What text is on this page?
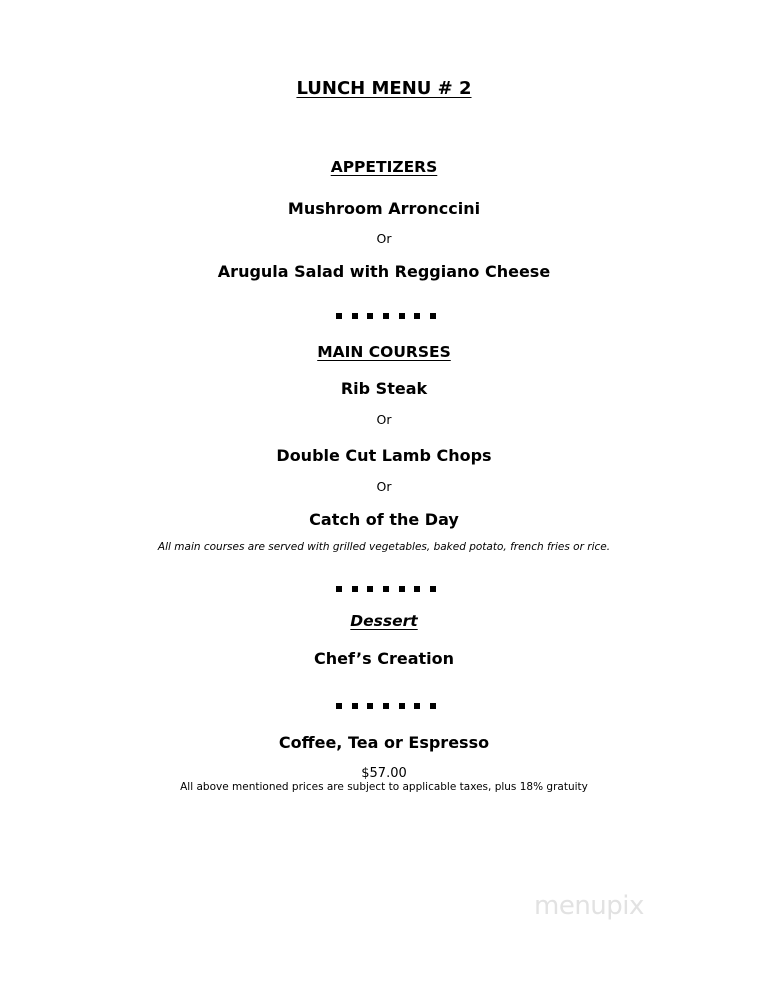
LUNCH MENU # 2
APPETIZERS
Mushroom Arronccini
Or
Arugula Salad with Reggiano Cheese
MAIN COURSES
Rib Steak
Or
Double Cut Lamb Chops
Or
Catch of the Day
All main courses are served with grilled vegetables, baked potato, french fries or rice.
Dessert
Chef’s Creation
Coffee, Tea or Espresso
$57.00
All above mentioned prices are subject to applicable taxes, plus 18% gratuity
menupix
